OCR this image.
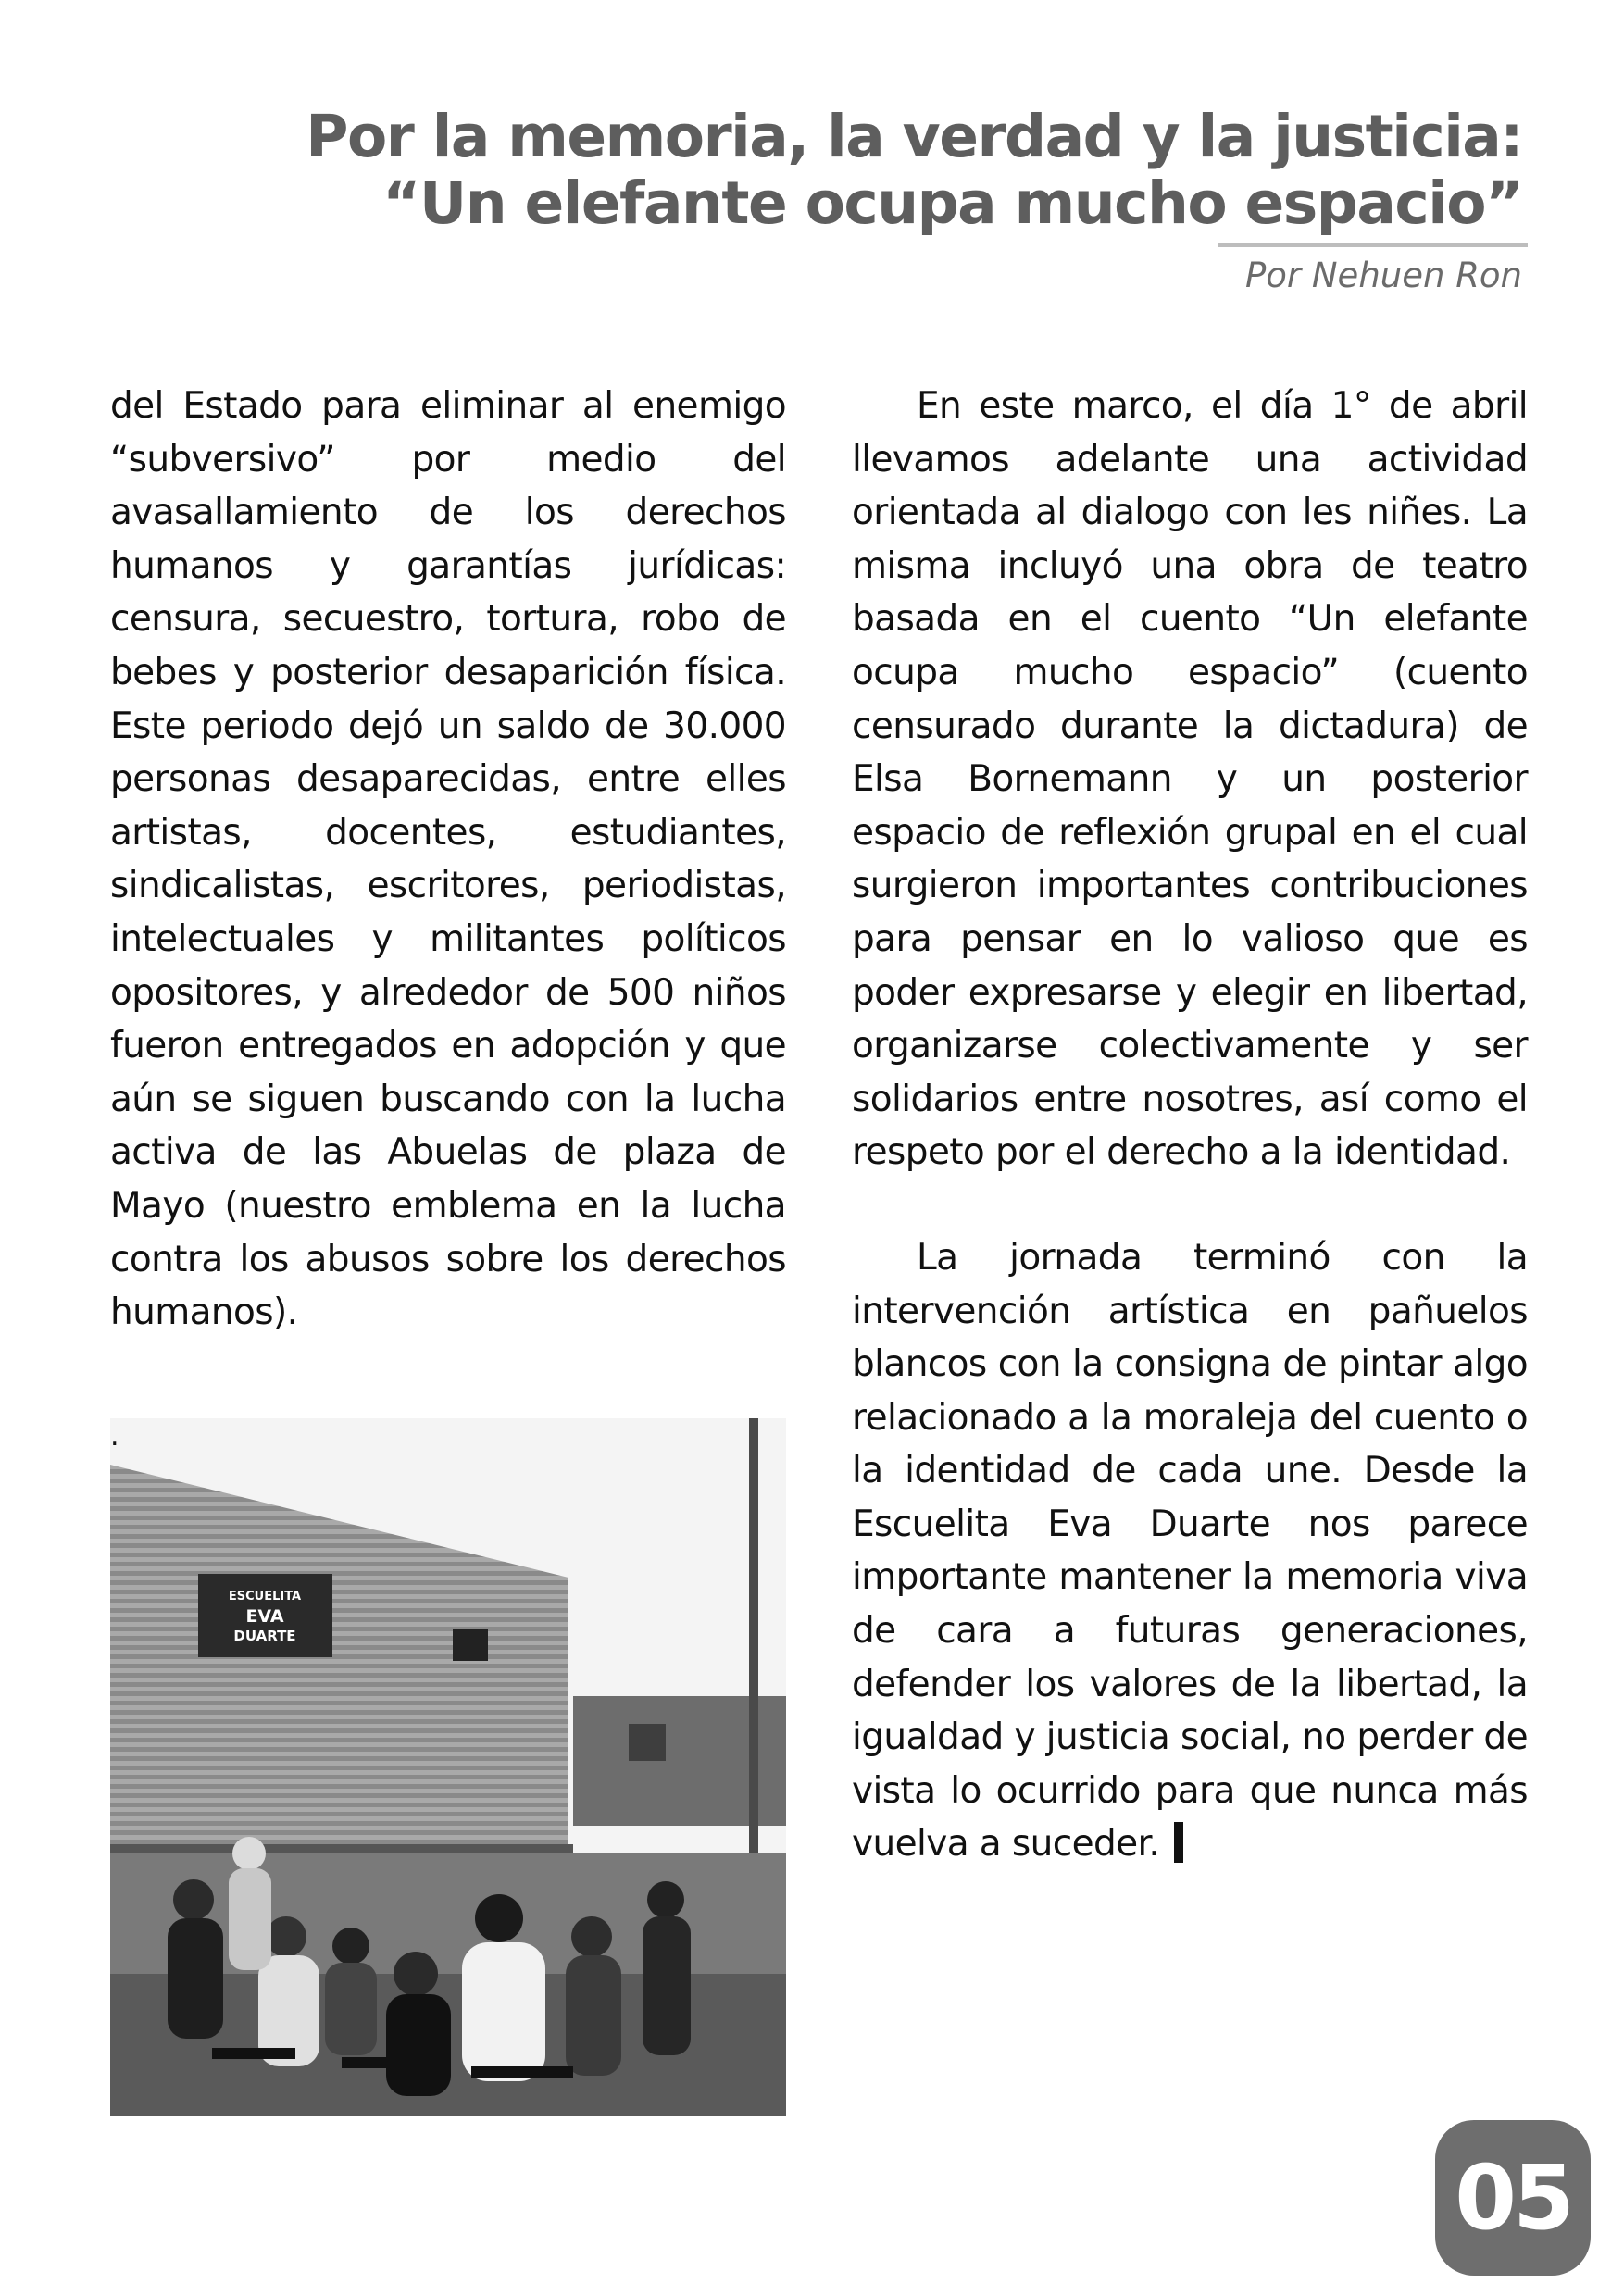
Por la memoria, la verdad y la justicia:
“Un elefante ocupa mucho espacio”
Por Nehuen Ron

del Estado para eliminar al enemigo “subversivo” por medio del avasallamiento de los derechos humanos y garantías jurídicas: censura, secuestro, tortura, robo de bebes y posterior desaparición física. Este periodo dejó un saldo de 30.000 personas desaparecidas, entre elles artistas, docentes, estudiantes, sindicalistas, escritores, periodistas, intelectuales y militantes políticos opositores, y alrededor de 500 niños fueron entregados en adopción y que aún se siguen buscando con la lucha activa de las Abuelas de plaza de Mayo (nuestro emblema en la lucha contra los abusos sobre los derechos humanos).

ESCUELITA
EVA
DUARTE
.

En este marco, el día 1° de abril llevamos adelante una actividad orientada al dialogo con les niñes. La misma incluyó una obra de teatro basada en el cuento “Un elefante ocupa mucho espacio” (cuento censurado durante la dictadura) de Elsa Bornemann y un posterior espacio de reflexión grupal en el cual surgieron importantes contribuciones para pensar en lo valioso que es poder expresarse y elegir en libertad, organizarse colectivamente y ser solidarios entre nosotres, así como el respeto por el derecho a la identidad.

La jornada terminó con la intervención artística en pañuelos blancos con la consigna de pintar algo relacionado a la moraleja del cuento o la identidad de cada une. Desde la Escuelita Eva Duarte nos parece importante mantener la memoria viva de cara a futuras generaciones, defender los valores de la libertad, la igualdad y justicia social, no perder de vista lo ocurrido para que nunca más vuelva a suceder.

05
